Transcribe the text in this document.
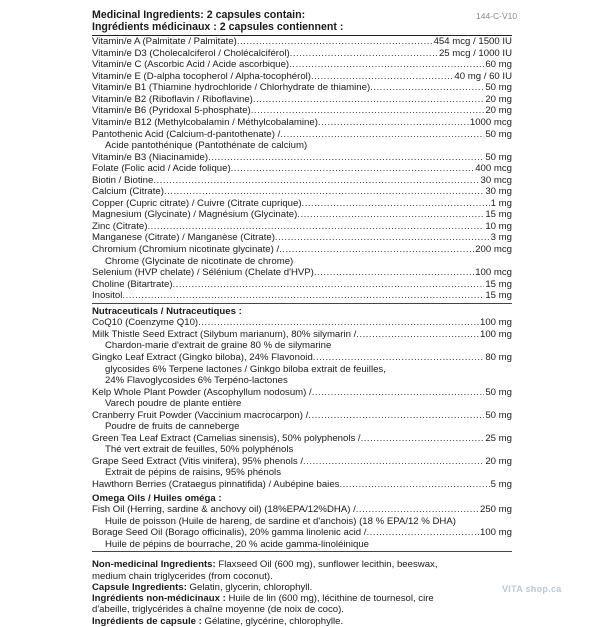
144-C-V10
Medicinal Ingredients: 2 capsules contain:
Ingrédients médicinaux : 2 capsules contiennent :
Vitamin/e A (Palmitate / Palmitate) .....	454 mcg / 1500 IU
Vitamin/e D3 (Cholecalciferol / Cholécalciférol) .....	25 mcg / 1000 IU
Vitamin/e C (Ascorbic Acid / Acide ascorbique) .....	60 mg
Vitamin/e E (D-alpha tocopherol / Alpha-tocophérol) .....	40 mg / 60 IU
Vitamin/e B1 (Thiamine hydrochloride / Chlorhydrate de thiamine) .....	50 mg
Vitamin/e B2 (Riboflavin / Riboflavine) .....	20 mg
Vitamin/e B6 (Pyridoxal 5-phosphate) .....	20 mg
Vitamin/e B12 (Methylcobalamin / Méthylcobalamine) .....	1000 mcg
Pantothenic Acid (Calcium-d-pantothenate) / .....	50 mg
Acide pantothénique (Pantothénate de calcium)
Vitamin/e B3 (Niacinamide) .....	50 mg
Folate (Folic acid / Acide folique) .....	400 mcg
Biotin / Biotine .....	30 mcg
Calcium (Citrate) .....	30 mg
Copper (Cupric citrate) / Cuivre (Citrate cuprique) .....	1 mg
Magnesium (Glycinate) / Magnésium (Glycinate) .....	15 mg
Zinc (Citrate) .....	10 mg
Manganese (Citrate) / Manganèse (Citrate) .....	3 mg
Chromium (Chromium nicotinate glycinate) / .....	200 mcg
Chrome (Glycinate de nicotinate de chrome)
Selenium (HVP chelate) / Sélénium (Chelate d'HVP) .....	100 mcg
Choline (Bitartrate) .....	15 mg
Inositol .....	15 mg
Nutraceuticals / Nutraceutiques :
CoQ10 (Coenzyme Q10) .....	100 mg
Milk Thistle Seed Extract (Silybum marianum), 80% silymarin / .....	100 mg
Chardon-marie d'extrait de graine 80 % de silymarine
Gingko Leaf Extract (Gingko biloba), 24% Flavonoid .....	80 mg
glycosides 6% Terpene lactones / Ginkgo biloba extrait de feuilles,
24% Flavoglycosides 6% Terpéno-lactones
Kelp Whole Plant Powder (Ascophyllum nodosum) / .....	50 mg
Varech poudre de plante entière
Cranberry Fruit Powder (Vaccinium macrocarpon) / .....	50 mg
Poudre de fruits de canneberge
Green Tea Leaf Extract (Camelias sinensis), 50% polyphenols / .....	25 mg
Thé vert extrait de feuilles, 50% polyphénols
Grape Seed Extract (Vitis vinifera), 95% phenols / .....	20 mg
Extrait de pépins de raisins, 95% phénols
Hawthorn Berries (Crataegus pinnatifida) / Aubépine baies .....	5 mg
Omega Oils / Huiles oméga :
Fish Oil (Herring, sardine & anchovy oil) (18%EPA/12%DHA) / .....	250 mg
Huile de poisson (Huile de hareng, de sardine et d'anchois) (18 % EPA/12 % DHA)
Borage Seed Oil (Borago officinalis), 20% gamma linolenic acid / .....	100 mg
Huile de pépins de bourrache, 20 % acide gamma-linoléinique
Non-medicinal Ingredients: Flaxseed Oil (600 mg), sunflower lecithin, beeswax,
medium chain triglycerides (from coconut).
Capsule Ingredients: Gelatin, glycerin, chlorophyll.
Ingrédients non-médicinaux : Huile de lin (600 mg), lécithine de tournesol, cire
d'abeille, triglycérides à chaîne moyenne (de noix de coco).
Ingrédients de capsule : Gélatine, glycérine, chlorophylle.
VITA shop.ca
